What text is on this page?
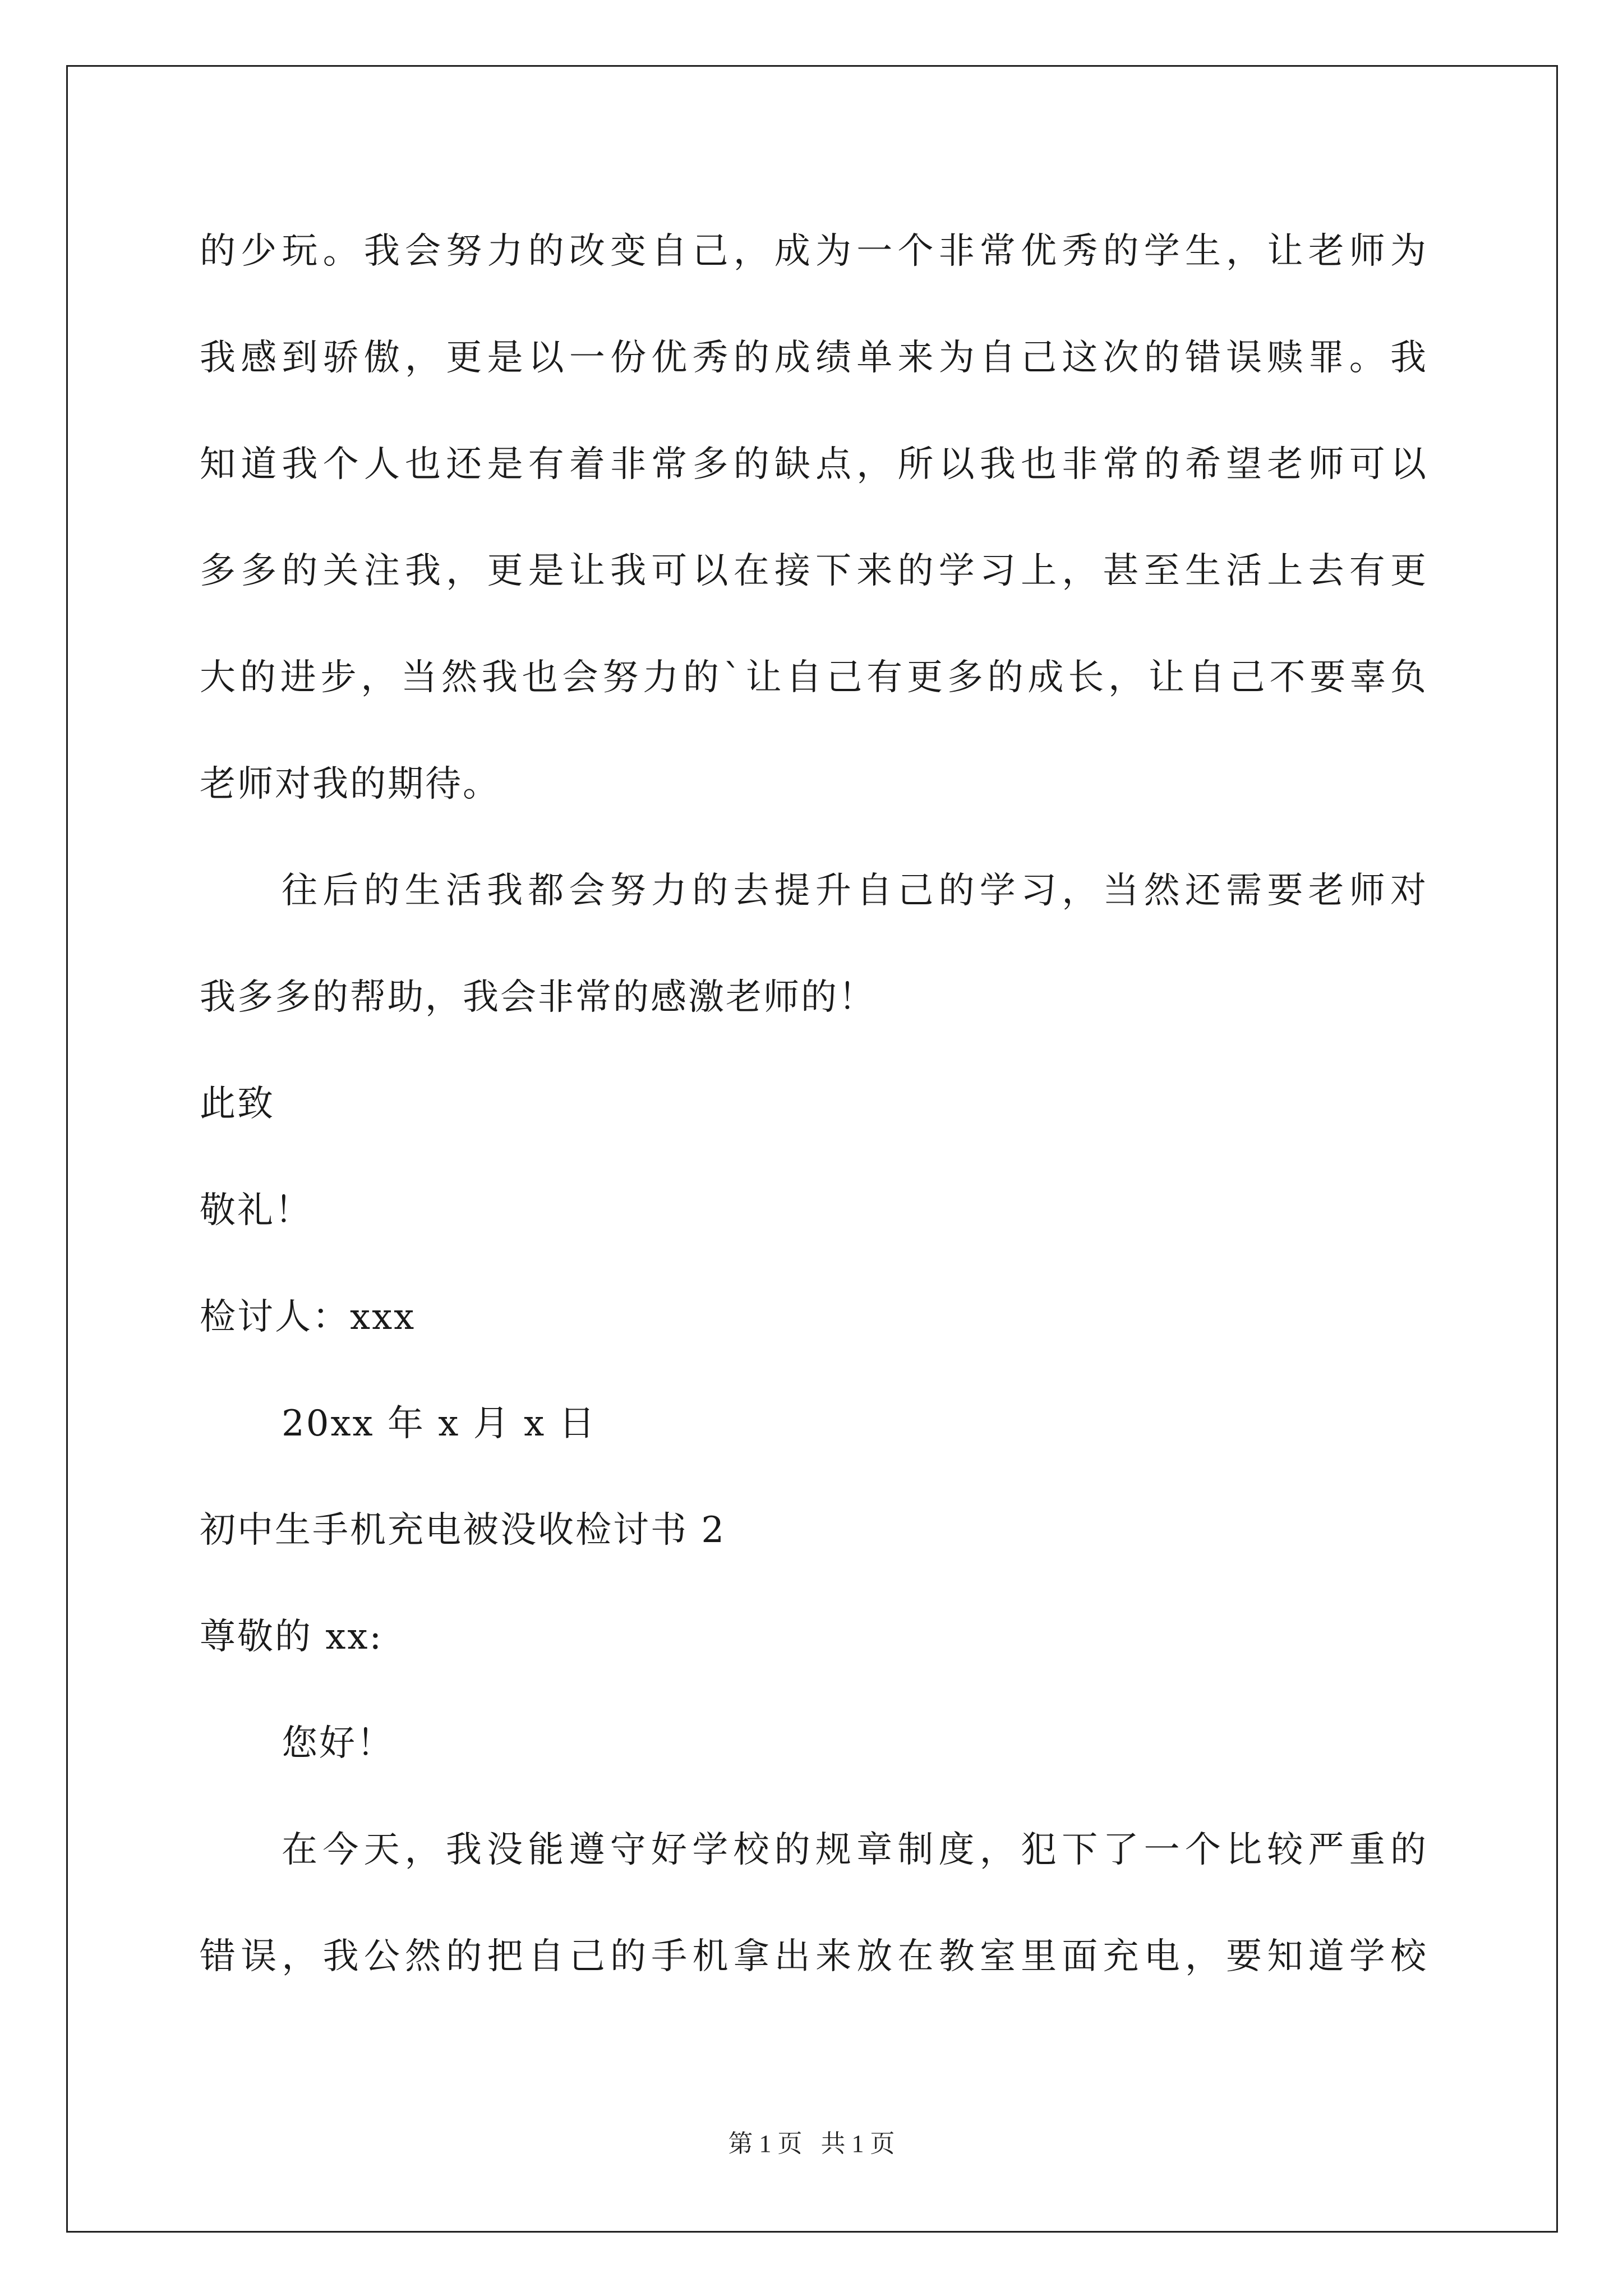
的少玩。我会努力的改变自己，成为一个非常优秀的学生，让老师为
我感到骄傲，更是以一份优秀的成绩单来为自己这次的错误赎罪。我
知道我个人也还是有着非常多的缺点，所以我也非常的希望老师可以
多多的关注我，更是让我可以在接下来的学习上，甚至生活上去有更
大的进步，当然我也会努力的`让自己有更多的成长，让自己不要辜负
老师对我的期待。
往后的生活我都会努力的去提升自己的学习，当然还需要老师对
我多多的帮助，我会非常的感激老师的！
此致
敬礼！
检讨人：xxx
20xx 年 x 月 x 日
初中生手机充电被没收检讨书 2
尊敬的 xx:
您好！
在今天，我没能遵守好学校的规章制度，犯下了一个比较严重的
错误，我公然的把自己的手机拿出来放在教室里面充电，要知道学校
第 1 页   共 1 页
